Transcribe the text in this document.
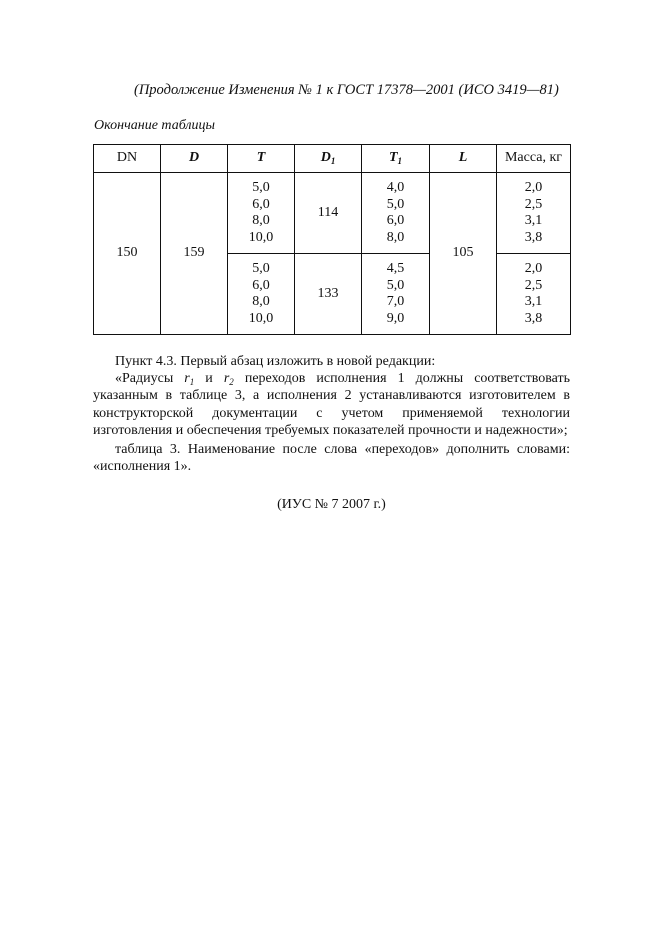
(Продолжение Изменения № 1 к ГОСТ 17378—2001 (ИСО 3419—81)
Окончание таблицы
DN	D	T	$D_1$	$T_1$	L	Масса, кг
150	159	5,0
6,0
8,0
10,0	114	4,0
5,0
6,0
8,0	105	2,0
2,5
3,1
3,8

		5,0
6,0
8,0
10,0	133	4,5
5,0
7,0
9,0		2,0
2,5
3,1
3,8

Пункт 4.3. Первый абзац изложить в новой редакции:

«Радиусы $r_1$ и $r_2$ переходов исполнения 1 должны соответствовать указанным в таблице 3, а исполнения 2 устанавливаются изготовителем в конструкторской документации с учетом применяемой технологии изготовления и обеспечения требуемых показателей прочности и надежности»;

таблица 3. Наименование после слова «переходов» дополнить словами: «исполнения 1».

(ИУС № 7 2007 г.)
